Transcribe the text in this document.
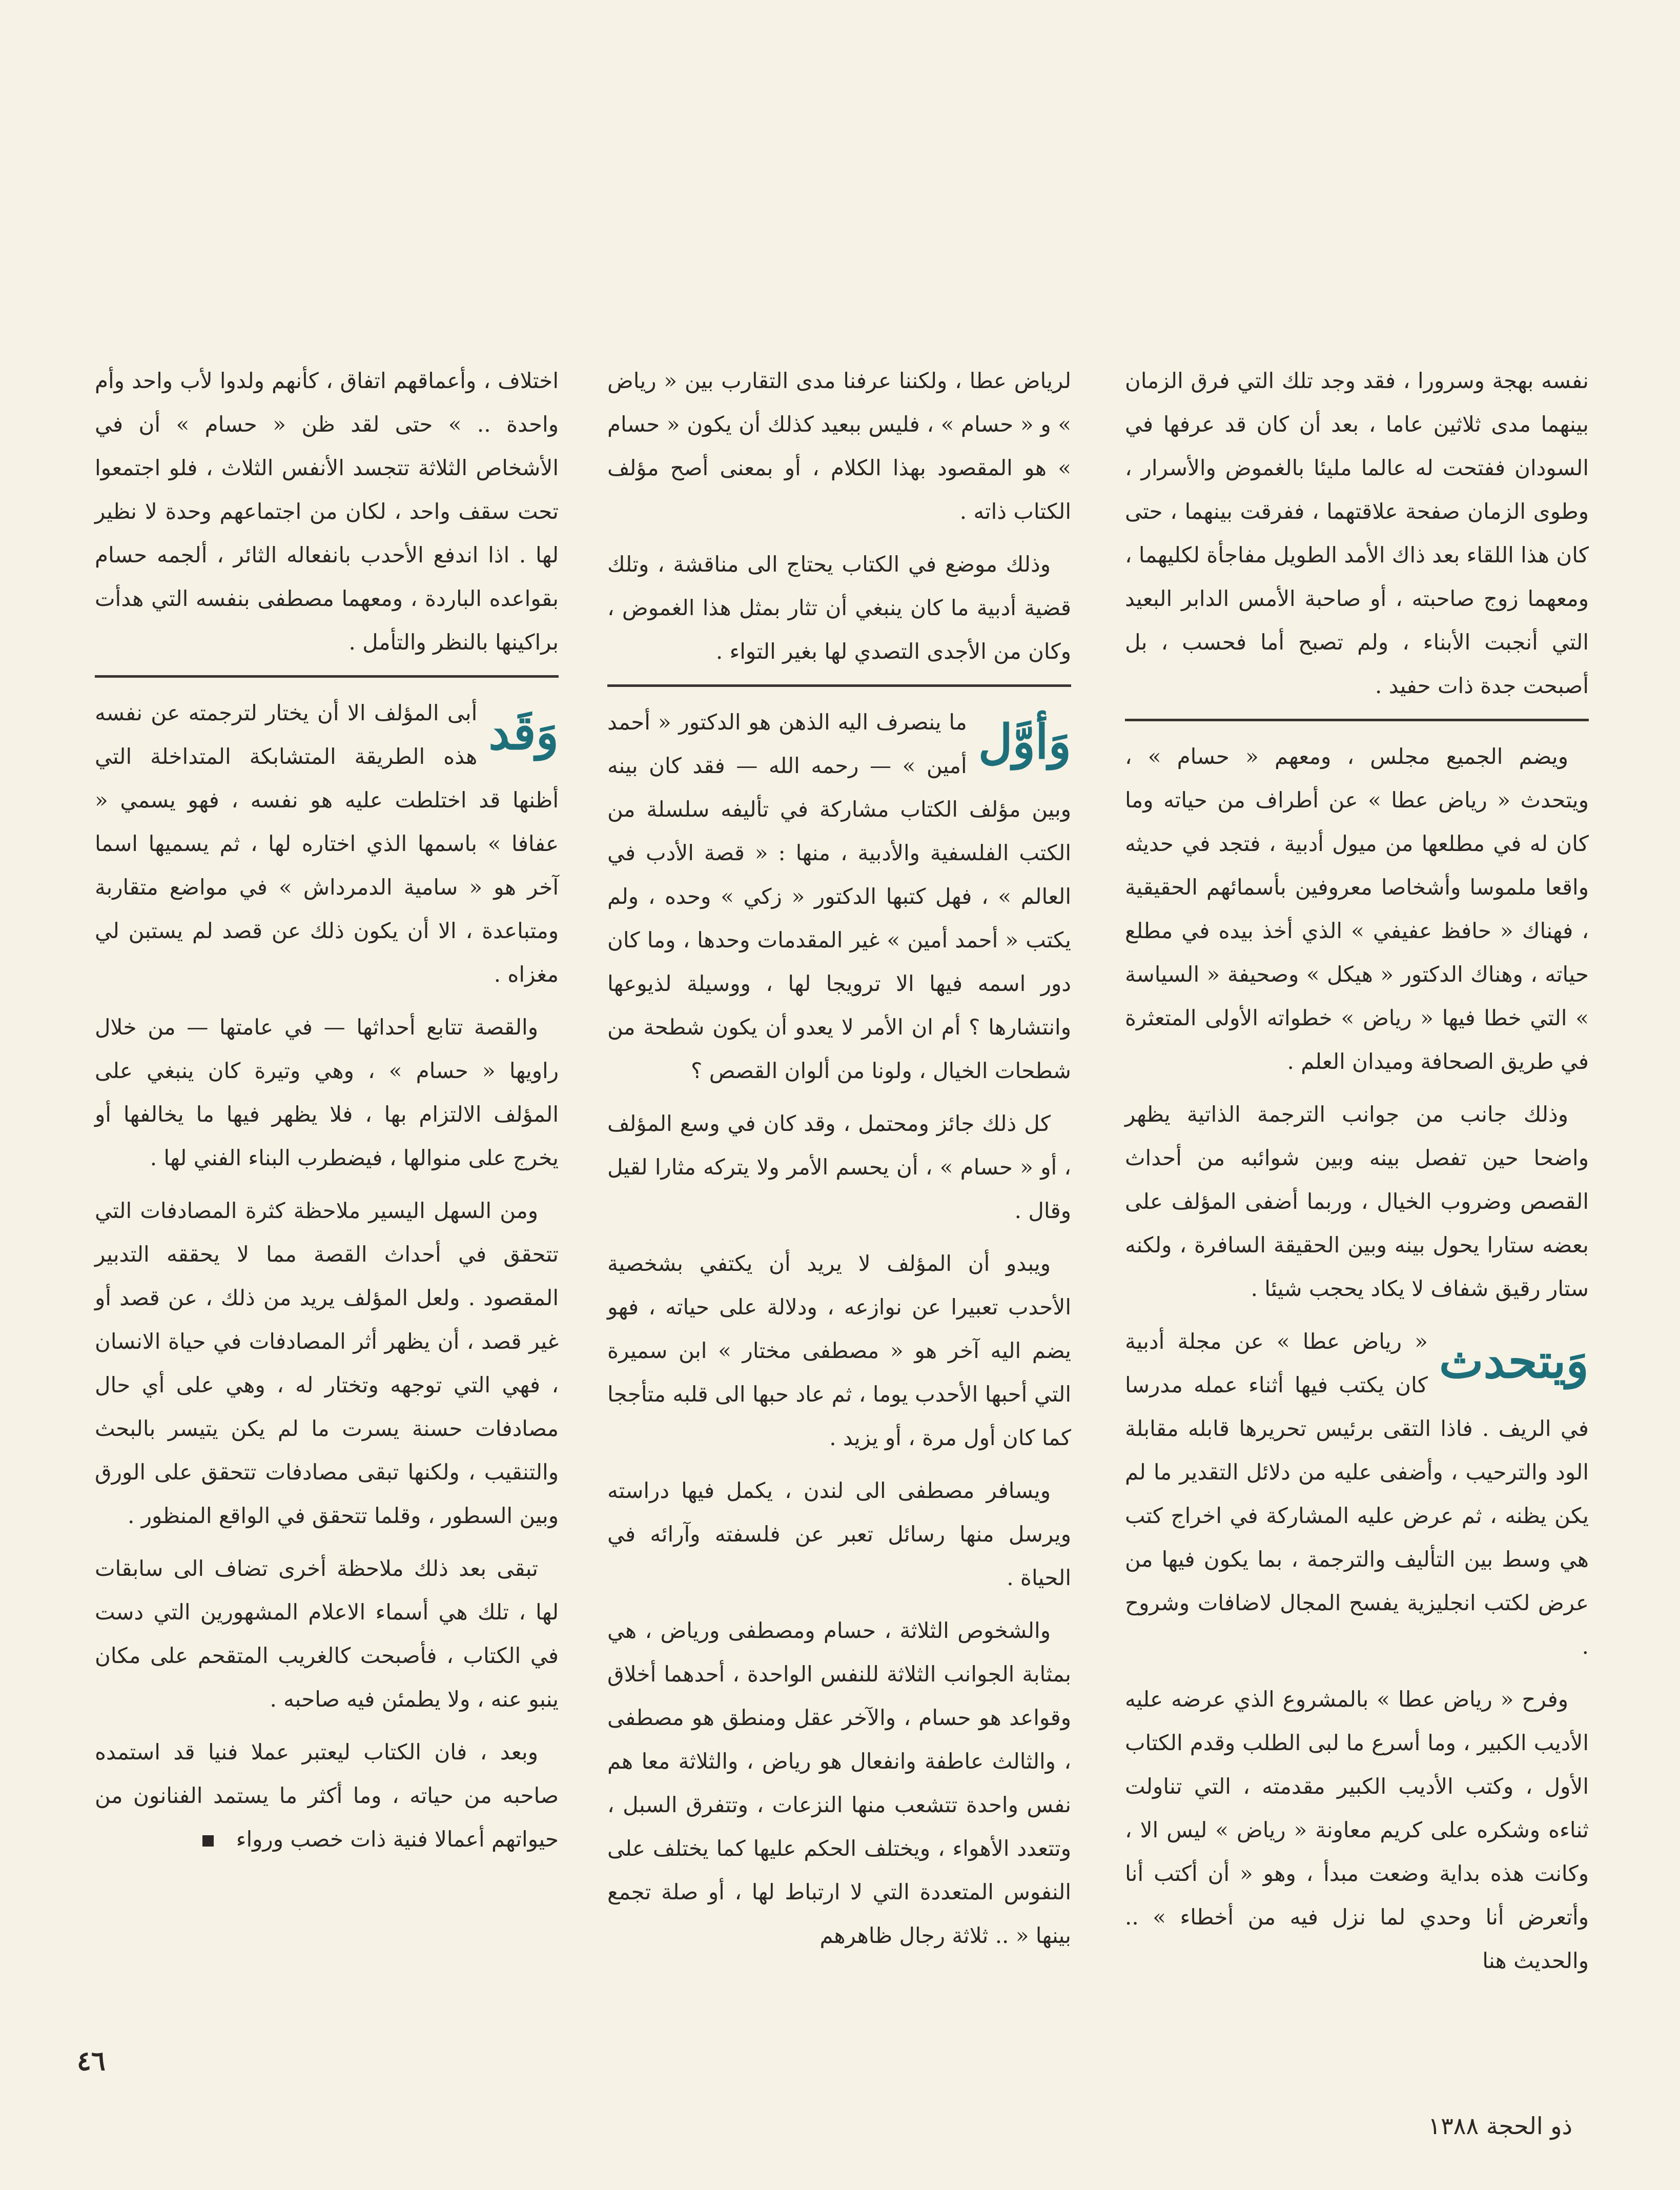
نفسه بهجة وسرورا ، فقد وجد تلك التي فرق الزمان بينهما مدى ثلاثين عاما ، بعد أن كان قد عرفها في السودان ففتحت له عالما مليئا بالغموض والأسرار ، وطوى الزمان صفحة علاقتهما ، ففرقت بينهما ، حتى كان هذا اللقاء بعد ذاك الأمد الطويل مفاجأة لكليهما ، ومعهما زوج صاحبته ، أو صاحبة الأمس الدابر البعيد التي أنجبت الأبناء ، ولم تصبح أما فحسب ، بل أصبحت جدة ذات حفيد .

ويضم الجميع مجلس ، ومعهم « حسام » ، ويتحدث « رياض عطا » عن أطراف من حياته وما كان له في مطلعها من ميول أدبية ، فتجد في حديثه واقعا ملموسا وأشخاصا معروفين بأسمائهم الحقيقية ، فهناك « حافظ عفيفي » الذي أخذ بيده في مطلع حياته ، وهناك الدكتور « هيكل » وصحيفة « السياسة » التي خطا فيها « رياض » خطواته الأولى المتعثرة في طريق الصحافة وميدان العلم .

وذلك جانب من جوانب الترجمة الذاتية يظهر واضحا حين تفصل بينه وبين شوائبه من أحداث القصص وضروب الخيال ، وربما أضفى المؤلف على بعضه ستارا يحول بينه وبين الحقيقة السافرة ، ولكنه ستار رقيق شفاف لا يكاد يحجب شيئا .

وَيتحدث
« رياض عطا » عن مجلة أدبية كان يكتب فيها أثناء عمله مدرسا في الريف . فاذا التقى برئيس تحريرها قابله مقابلة الود والترحيب ، وأضفى عليه من دلائل التقدير ما لم يكن يظنه ، ثم عرض عليه المشاركة في اخراج كتب هي وسط بين التأليف والترجمة ، بما يكون فيها من عرض لكتب انجليزية يفسح المجال لاضافات وشروح .

وفرح « رياض عطا » بالمشروع الذي عرضه عليه الأديب الكبير ، وما أسرع ما لبى الطلب وقدم الكتاب الأول ، وكتب الأديب الكبير مقدمته ، التي تناولت ثناءه وشكره على كريم معاونة « رياض » ليس الا ، وكانت هذه بداية وضعت مبدأ ، وهو « أن أكتب أنا وأتعرض أنا وحدي لما نزل فيه من أخطاء » .. والحديث هنا

لرياض عطا ، ولكننا عرفنا مدى التقارب بين « رياض » و « حسام » ، فليس ببعيد كذلك أن يكون « حسام » هو المقصود بهذا الكلام ، أو بمعنى أصح مؤلف الكتاب ذاته .

وذلك موضع في الكتاب يحتاج الى مناقشة ، وتلك قضية أدبية ما كان ينبغي أن تثار بمثل هذا الغموض ، وكان من الأجدى التصدي لها بغير التواء .

وَأوَّل
ما ينصرف اليه الذهن هو الدكتور « أحمد أمين » — رحمه الله — فقد كان بينه وبين مؤلف الكتاب مشاركة في تأليفه سلسلة من الكتب الفلسفية والأدبية ، منها : « قصة الأدب في العالم » ، فهل كتبها الدكتور « زكي » وحده ، ولم يكتب « أحمد أمين » غير المقدمات وحدها ، وما كان دور اسمه فيها الا ترويجا لها ، ووسيلة لذيوعها وانتشارها ؟ أم ان الأمر لا يعدو أن يكون شطحة من شطحات الخيال ، ولونا من ألوان القصص ؟

كل ذلك جائز ومحتمل ، وقد كان في وسع المؤلف ، أو « حسام » ، أن يحسم الأمر ولا يتركه مثارا لقيل وقال .

ويبدو أن المؤلف لا يريد أن يكتفي بشخصية الأحدب تعبيرا عن نوازعه ، ودلالة على حياته ، فهو يضم اليه آخر هو « مصطفى مختار » ابن سميرة التي أحبها الأحدب يوما ، ثم عاد حبها الى قلبه متأججا كما كان أول مرة ، أو يزيد .

ويسافر مصطفى الى لندن ، يكمل فيها دراسته ويرسل منها رسائل تعبر عن فلسفته وآرائه في الحياة .

والشخوص الثلاثة ، حسام ومصطفى ورياض ، هي بمثابة الجوانب الثلاثة للنفس الواحدة ، أحدهما أخلاق وقواعد هو حسام ، والآخر عقل ومنطق هو مصطفى ، والثالث عاطفة وانفعال هو رياض ، والثلاثة معا هم نفس واحدة تتشعب منها النزعات ، وتتفرق السبل ، وتتعدد الأهواء ، ويختلف الحكم عليها كما يختلف على النفوس المتعددة التي لا ارتباط لها ، أو صلة تجمع بينها « .. ثلاثة رجال ظاهرهم

اختلاف ، وأعماقهم اتفاق ، كأنهم ولدوا لأب واحد وأم واحدة .. » حتى لقد ظن « حسام » أن في الأشخاص الثلاثة تتجسد الأنفس الثلاث ، فلو اجتمعوا تحت سقف واحد ، لكان من اجتماعهم وحدة لا نظير لها . اذا اندفع الأحدب بانفعاله الثائر ، ألجمه حسام بقواعده الباردة ، ومعهما مصطفى بنفسه التي هدأت براكينها بالنظر والتأمل .

وَقَد
أبى المؤلف الا أن يختار لترجمته عن نفسه هذه الطريقة المتشابكة المتداخلة التي أظنها قد اختلطت عليه هو نفسه ، فهو يسمي « عفافا » باسمها الذي اختاره لها ، ثم يسميها اسما آخر هو « سامية الدمرداش » في مواضع متقاربة ومتباعدة ، الا أن يكون ذلك عن قصد لم يستبن لي مغزاه .

والقصة تتابع أحداثها — في عامتها — من خلال راويها « حسام » ، وهي وتيرة كان ينبغي على المؤلف الالتزام بها ، فلا يظهر فيها ما يخالفها أو يخرج على منوالها ، فيضطرب البناء الفني لها .

ومن السهل اليسير ملاحظة كثرة المصادفات التي تتحقق في أحداث القصة مما لا يحققه التدبير المقصود . ولعل المؤلف يريد من ذلك ، عن قصد أو غير قصد ، أن يظهر أثر المصادفات في حياة الانسان ، فهي التي توجهه وتختار له ، وهي على أي حال مصادفات حسنة يسرت ما لم يكن يتيسر بالبحث والتنقيب ، ولكنها تبقى مصادفات تتحقق على الورق وبين السطور ، وقلما تتحقق في الواقع المنظور .

تبقى بعد ذلك ملاحظة أخرى تضاف الى سابقات لها ، تلك هي أسماء الاعلام المشهورين التي دست في الكتاب ، فأصبحت كالغريب المتقحم على مكان ينبو عنه ، ولا يطمئن فيه صاحبه .

وبعد ، فان الكتاب ليعتبر عملا فنيا قد استمده صاحبه من حياته ، وما أكثر ما يستمد الفنانون من حيواتهم أعمالا فنية ذات خصب ورواء

٤٦
ذو الحجة ١٣٨٨
